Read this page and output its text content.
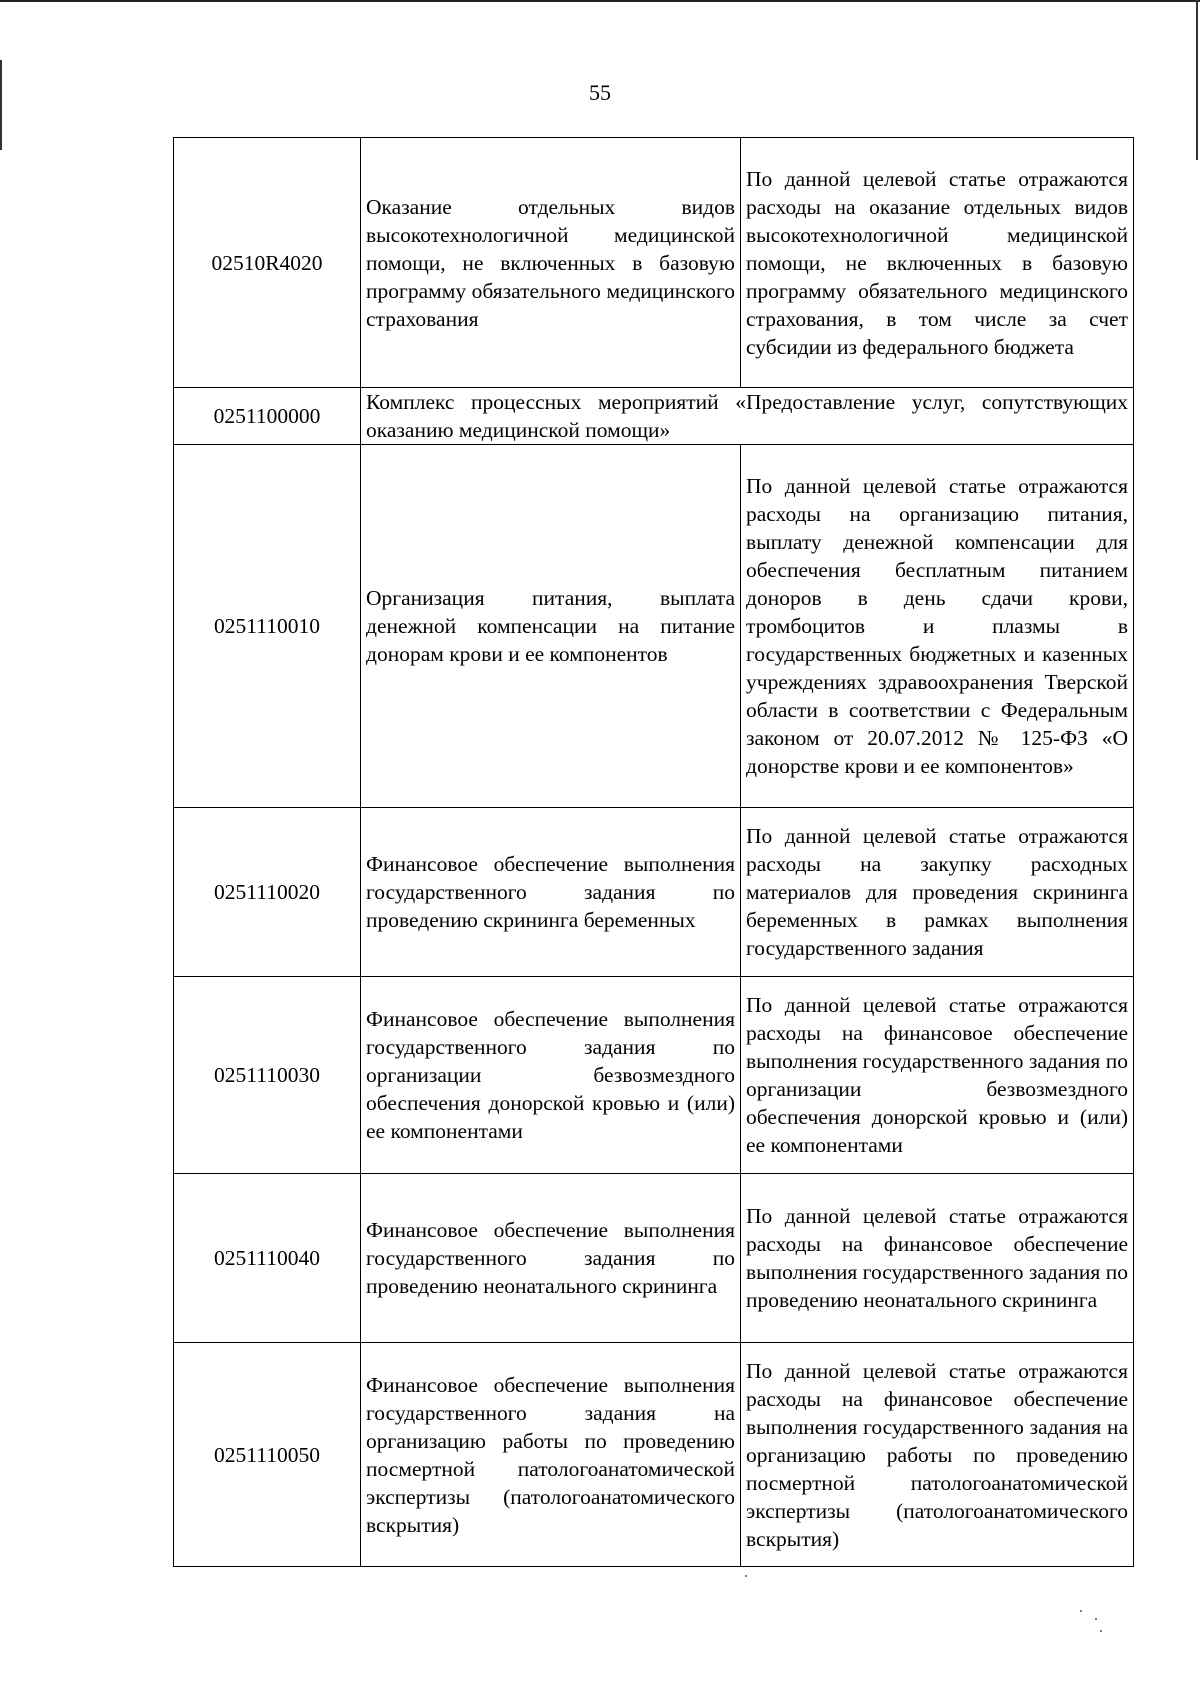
55
02510R4020	Оказание отдельных видов высокотехнологичной медицинской помощи, не включенных в базовую программу обязательного медицинского страхования	По данной целевой статье отражаются расходы на оказание отдельных видов высокотехнологичной медицинской помощи, не включенных в базовую программу обязательного медицинского страхования, в том числе за счет субсидии из федерального бюджета
0251100000	Комплекс процессных мероприятий «Предоставление услуг, сопутствующих оказанию медицинской помощи»	
0251110010	Организация питания, выплата денежной компенсации на питание донорам крови и ее компонентов	По данной целевой статье отражаются расходы на организацию питания, выплату денежной компенсации для обеспечения бесплатным питанием доноров в день сдачи крови, тромбоцитов и плазмы в государственных бюджетных и казенных учреждениях здравоохранения Тверской области в соответствии с Федеральным законом от 20.07.2012 № 125-ФЗ «О донорстве крови и ее компонентов»
0251110020	Финансовое обеспечение выполнения государственного задания по проведению скрининга беременных	По данной целевой статье отражаются расходы на закупку расходных материалов для проведения скрининга беременных в рамках выполнения государственного задания
0251110030	Финансовое обеспечение выполнения государственного задания по организации безвозмездного обеспечения донорской кровью и (или) ее компонентами	По данной целевой статье отражаются расходы на финансовое обеспечение выполнения государственного задания по организации безвозмездного обеспечения донорской кровью и (или) ее компонентами
0251110040	Финансовое обеспечение выполнения государственного задания по проведению неонатального скрининга	По данной целевой статье отражаются расходы на финансовое обеспечение выполнения государственного задания по проведению неонатального скрининга
0251110050	Финансовое обеспечение выполнения государственного задания на организацию работы по проведению посмертной патологоанатомической экспертизы (патологоанатомического вскрытия)	По данной целевой статье отражаются расходы на финансовое обеспечение выполнения государственного задания на организацию работы по проведению посмертной патологоанатомической экспертизы (патологоанатомического вскрытия)
